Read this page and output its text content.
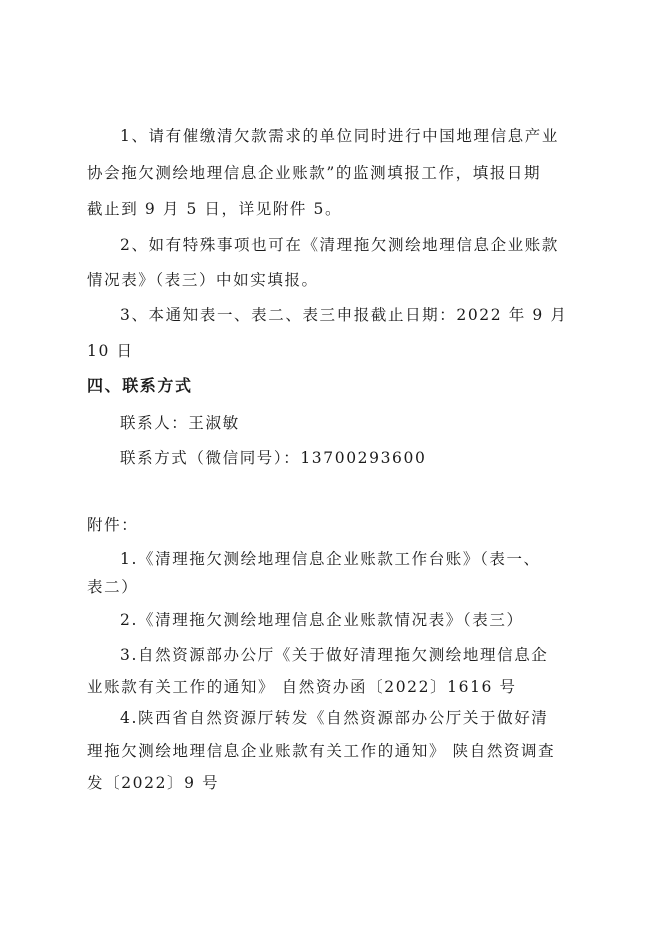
1、请有催缴清欠款需求的单位同时进行中国地理信息产业
协会拖欠测绘地理信息企业账款”的监测填报工作，填报日期
截止到 9 月 5 日，详见附件 5。
2、如有特殊事项也可在《清理拖欠测绘地理信息企业账款
情况表》（表三）中如实填报。
3、本通知表一、表二、表三申报截止日期：2022 年 9 月
10 日
四、联系方式
联系人：王淑敏
联系方式（微信同号）：13700293600
附件：
1.《清理拖欠测绘地理信息企业账款工作台账》（表一、
表二）
2.《清理拖欠测绘地理信息企业账款情况表》（表三）
3.自然资源部办公厅《关于做好清理拖欠测绘地理信息企
业账款有关工作的通知》 自然资办函〔2022〕1616 号
4.陕西省自然资源厅转发《自然资源部办公厅关于做好清
理拖欠测绘地理信息企业账款有关工作的通知》 陕自然资调查
发〔2022〕9 号
